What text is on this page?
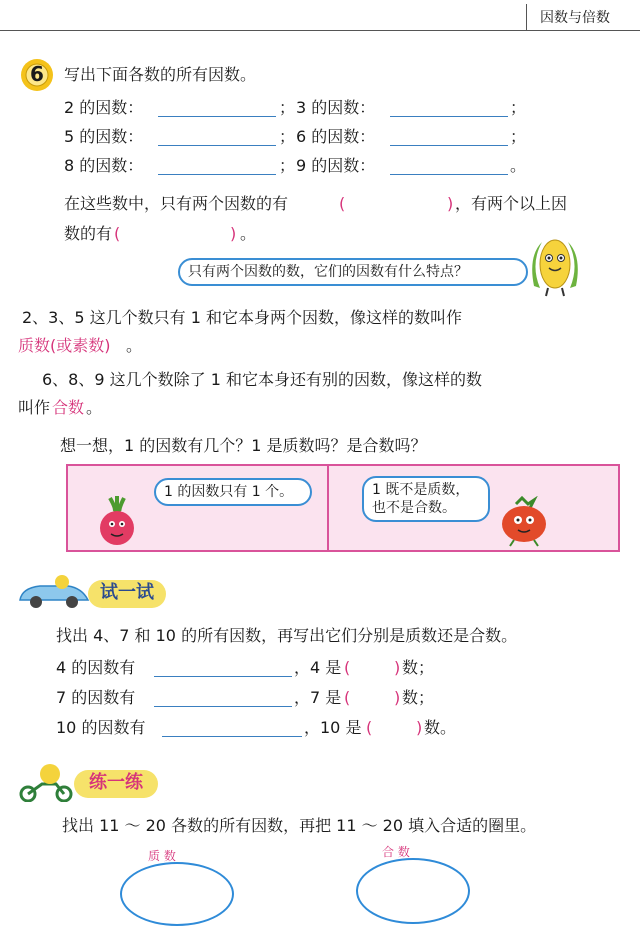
因数与倍数
6	写出下面各数的所有因数。
2 的因数：	； 3 的因数：	；
5 的因数：	； 6 的因数：	；
8 的因数：	； 9 的因数：	。
在这些数中，只有两个因数的有	(	) ，有两个以上因
数的有 (	) 。
只有两个因数的数，它们的因数有什么特点？
2、3、5 这几个数只有 1 和它本身两个因数，像这样的数叫作
质数(或素数) 。
6、8、9 这几个数除了 1 和它本身还有别的因数，像这样的数
叫作 合数 。
想一想，1 的因数有几个？1 是质数吗？是合数吗？
1 的因数只有 1 个。	1 既不是质数，
也不是合数。
试一试
找出 4、7 和 10 的所有因数，再写出它们分别是质数还是合数。
4 的因数有	，4 是 (	) 数；
7 的因数有	，7 是 (	) 数；
10 的因数有	，10 是 (	) 数。
练一练
找出 11 ～ 20 各数的所有因数，再把 11 ～ 20 填入合适的圈里。
质 数	合 数
